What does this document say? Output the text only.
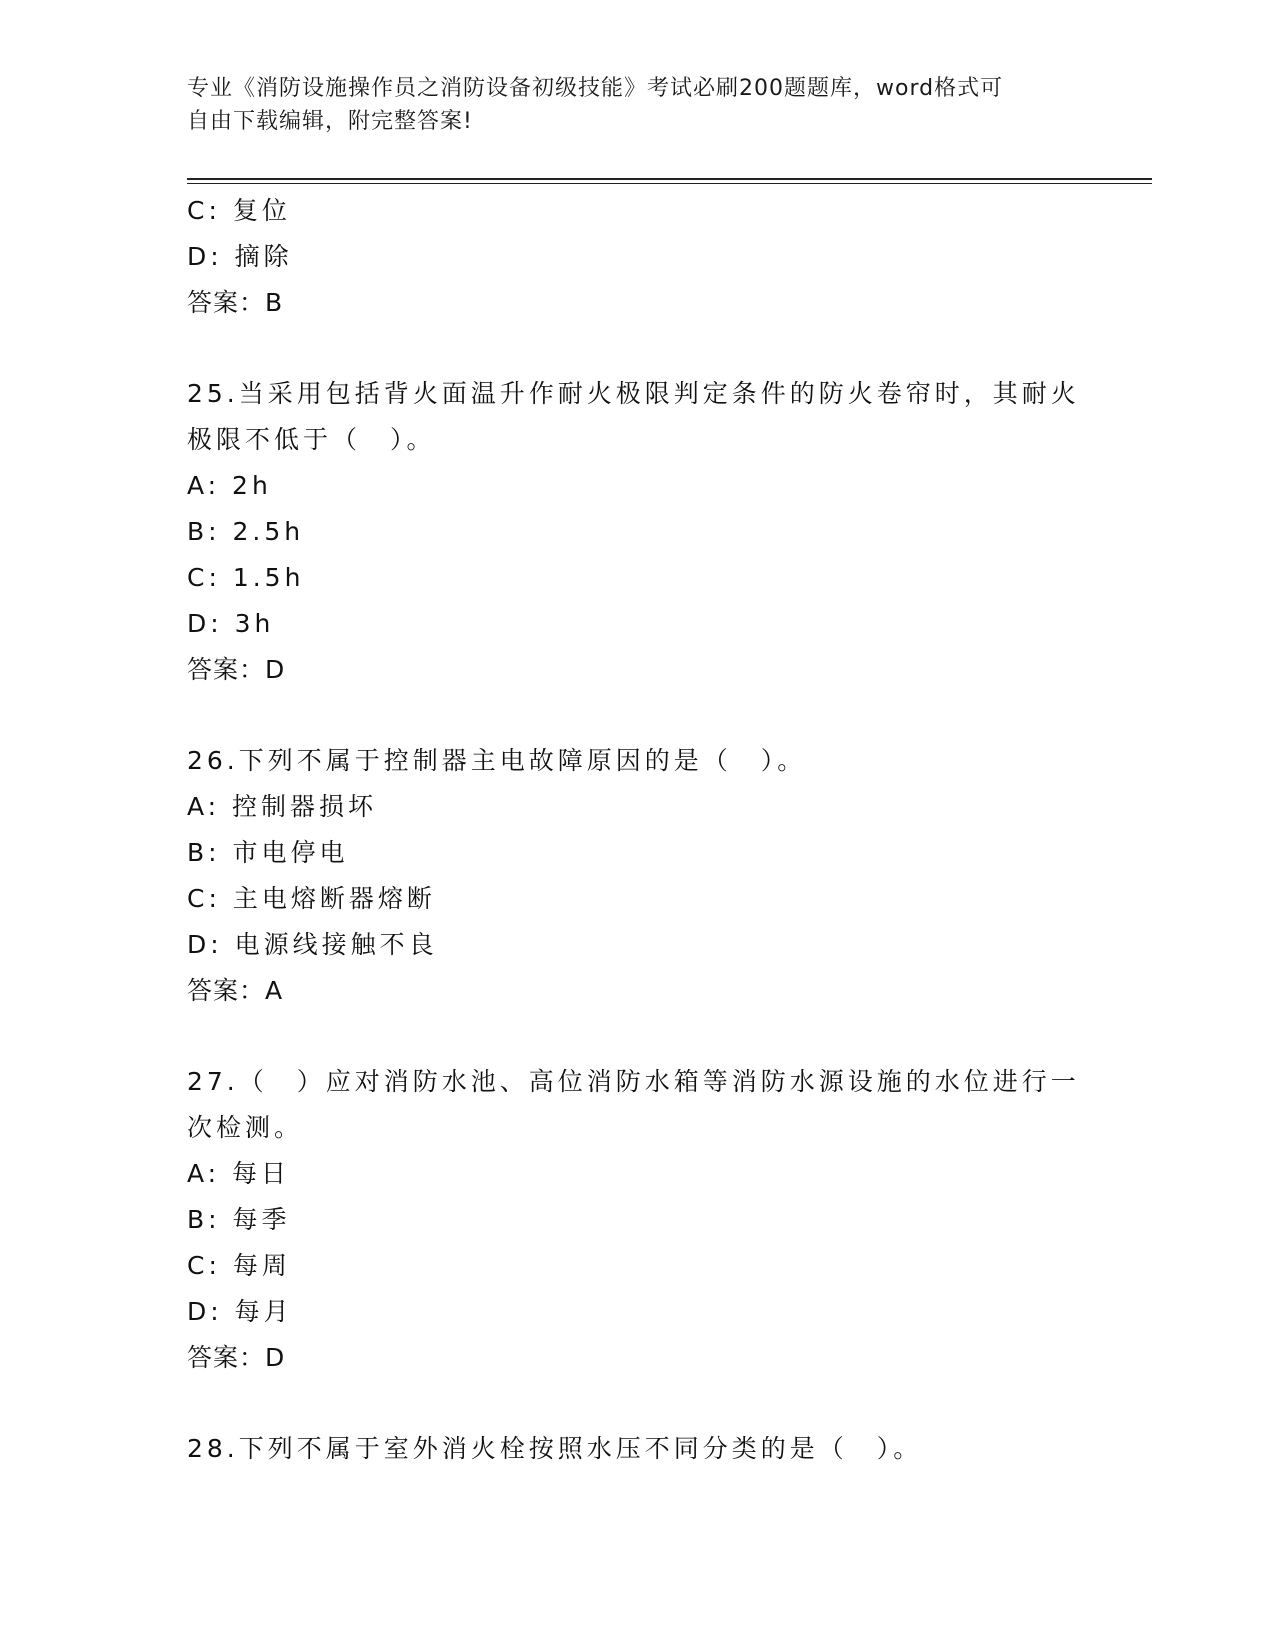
专业《消防设施操作员之消防设备初级技能》考试必刷200题题库，word格式可
自由下载编辑，附完整答案!
C: 复位
D: 摘除
答案：B
25.当采用包括背火面温升作耐火极限判定条件的防火卷帘时，其耐火
极限不低于（　）。
A: 2h
B: 2.5h
C: 1.5h
D: 3h
答案：D
26.下列不属于控制器主电故障原因的是（　）。
A: 控制器损坏
B: 市电停电
C: 主电熔断器熔断
D: 电源线接触不良
答案：A
27.（　）应对消防水池、高位消防水箱等消防水源设施的水位进行一
次检测。
A: 每日
B: 每季
C: 每周
D: 每月
答案：D
28.下列不属于室外消火栓按照水压不同分类的是（　）。
